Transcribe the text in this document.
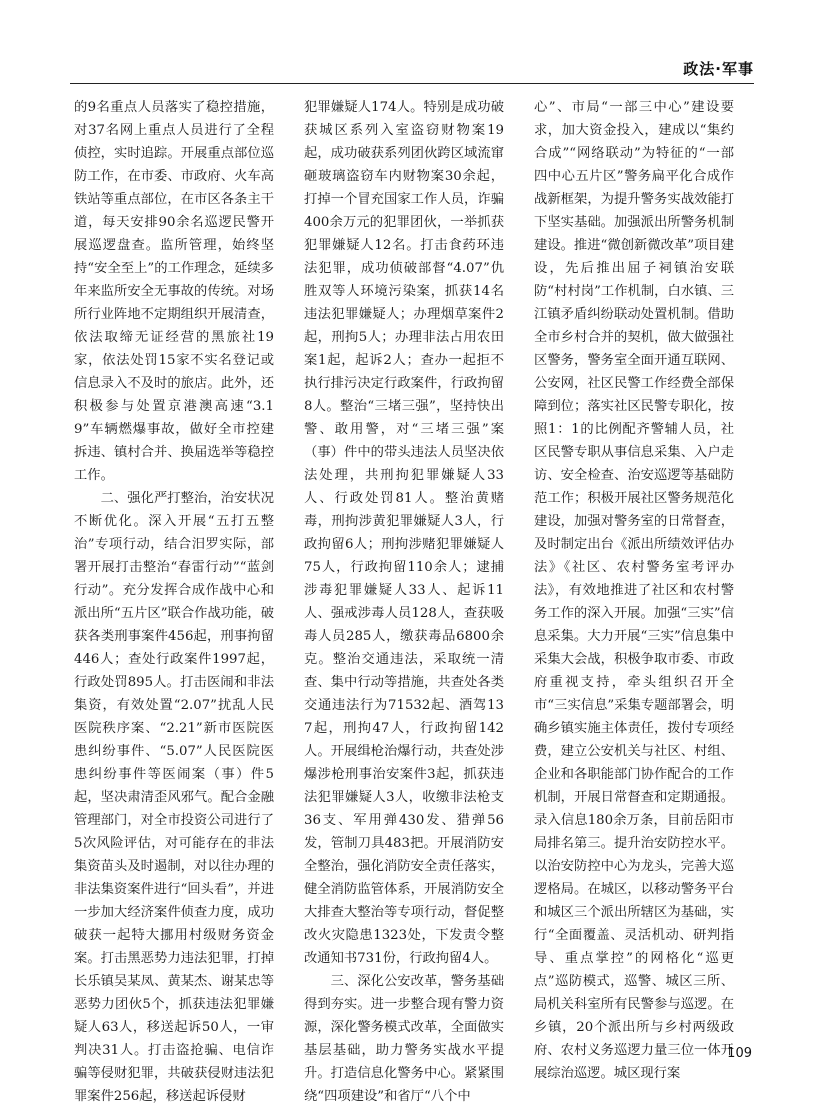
政法·军事

的9名重点人员落实了稳控措施，对37名网上重点人员进行了全程侦控，实时追踪。开展重点部位巡防工作，在市委、市政府、火车高铁站等重点部位，在市区各条主干道，每天安排90余名巡逻民警开展巡逻盘查。监所管理，始终坚持“安全至上”的工作理念，延续多年来监所安全无事故的传统。对场所行业阵地不定期组织开展清查，依法取缔无证经营的黑旅社19家，依法处罚15家不实名登记或信息录入不及时的旅店。此外，还积极参与处置京港澳高速“3.19”车辆燃爆事故，做好全市控建拆违、镇村合并、换届选举等稳控工作。

二、强化严打整治，治安状况不断优化。深入开展“五打五整治”专项行动，结合汨罗实际，部署开展打击整治“春雷行动”“蓝剑行动”。充分发挥合成作战中心和派出所“五片区”联合作战功能，破获各类刑事案件456起，刑事拘留446人；查处行政案件1997起，行政处罚895人。打击医闹和非法集资，有效处置“2.07”扰乱人民医院秩序案、“2.21”新市医院医患纠纷事件、“5.07”人民医院医患纠纷事件等医闹案（事）件5起，坚决肃清歪风邪气。配合金融管理部门，对全市投资公司进行了5次风险评估，对可能存在的非法集资苗头及时遏制，对以往办理的非法集资案件进行“回头看”，并进一步加大经济案件侦查力度，成功破获一起特大挪用村级财务资金案。打击黑恶势力违法犯罪，打掉长乐镇吴某凤、黄某杰、谢某忠等恶势力团伙5个，抓获违法犯罪嫌疑人63人，移送起诉50人，一审判决31人。打击盗抢骗、电信诈骗等侵财犯罪，共破获侵财违法犯罪案件256起，移送起诉侵财

犯罪嫌疑人174人。特别是成功破获城区系列入室盗窃财物案19起，成功破获系列团伙跨区域流窜砸玻璃盗窃车内财物案30余起，打掉一个冒充国家工作人员，诈骗400余万元的犯罪团伙，一举抓获犯罪嫌疑人12名。打击食药环违法犯罪，成功侦破部督“4.07”仇胜双等人环境污染案，抓获14名违法犯罪嫌疑人；办理烟草案件2起，刑拘5人；办理非法占用农田案1起，起诉2人；查办一起拒不执行排污决定行政案件，行政拘留8人。整治“三堵三强”，坚持快出警、敢用警，对“三堵三强”案（事）件中的带头违法人员坚决依法处理，共刑拘犯罪嫌疑人33人、行政处罚81人。整治黄赌毒，刑拘涉黄犯罪嫌疑人3人，行政拘留6人；刑拘涉赌犯罪嫌疑人75人，行政拘留110余人；逮捕涉毒犯罪嫌疑人33人、起诉11人、强戒涉毒人员128人，查获吸毒人员285人，缴获毒品6800余克。整治交通违法，采取统一清查、集中行动等措施，共查处各类交通违法行为71532起、酒驾137起，刑拘47人，行政拘留142人。开展缉枪治爆行动，共查处涉爆涉枪刑事治安案件3起，抓获违法犯罪嫌疑人3人，收缴非法枪支36支、军用弹430发、猎弹56发，管制刀具483把。开展消防安全整治，强化消防安全责任落实，健全消防监管体系，开展消防安全大排查大整治等专项行动，督促整改火灾隐患1323处，下发责令整改通知书731份，行政拘留4人。

三、深化公安改革，警务基础得到夯实。进一步整合现有警力资源，深化警务模式改革，全面做实基层基础，助力警务实战水平提升。打造信息化警务中心。紧紧围绕“四项建设”和省厅“八个中

心”、市局“一部三中心”建设要求，加大资金投入，建成以“集约合成”“网络联动”为特征的“一部四中心五片区”警务扁平化合成作战新框架，为提升警务实战效能打下坚实基础。加强派出所警务机制建设。推进“微创新微改革”项目建设，先后推出屈子祠镇治安联防“村村岗”工作机制，白水镇、三江镇矛盾纠纷联动处置机制。借助全市乡村合并的契机，做大做强社区警务，警务室全面开通互联网、公安网，社区民警工作经费全部保障到位；落实社区民警专职化，按照1：1的比例配齐警辅人员，社区民警专职从事信息采集、入户走访、安全检查、治安巡逻等基础防范工作；积极开展社区警务规范化建设，加强对警务室的日常督查，及时制定出台《派出所绩效评估办法》《社区、农村警务室考评办法》，有效地推进了社区和农村警务工作的深入开展。加强“三实”信息采集。大力开展“三实”信息集中采集大会战，积极争取市委、市政府重视支持，牵头组织召开全市“三实信息”采集专题部署会，明确乡镇实施主体责任，拨付专项经费，建立公安机关与社区、村组、企业和各职能部门协作配合的工作机制，开展日常督查和定期通报。录入信息180余万条，目前岳阳市局排名第三。提升治安防控水平。以治安防控中心为龙头，完善大巡逻格局。在城区，以移动警务平台和城区三个派出所辖区为基础，实行“全面覆盖、灵活机动、研判指导、重点掌控”的网格化“巡更点”巡防模式，巡警、城区三所、局机关科室所有民警参与巡逻。在乡镇，20个派出所与乡村两级政府、农村义务巡逻力量三位一体开展综治巡逻。城区现行案

109
